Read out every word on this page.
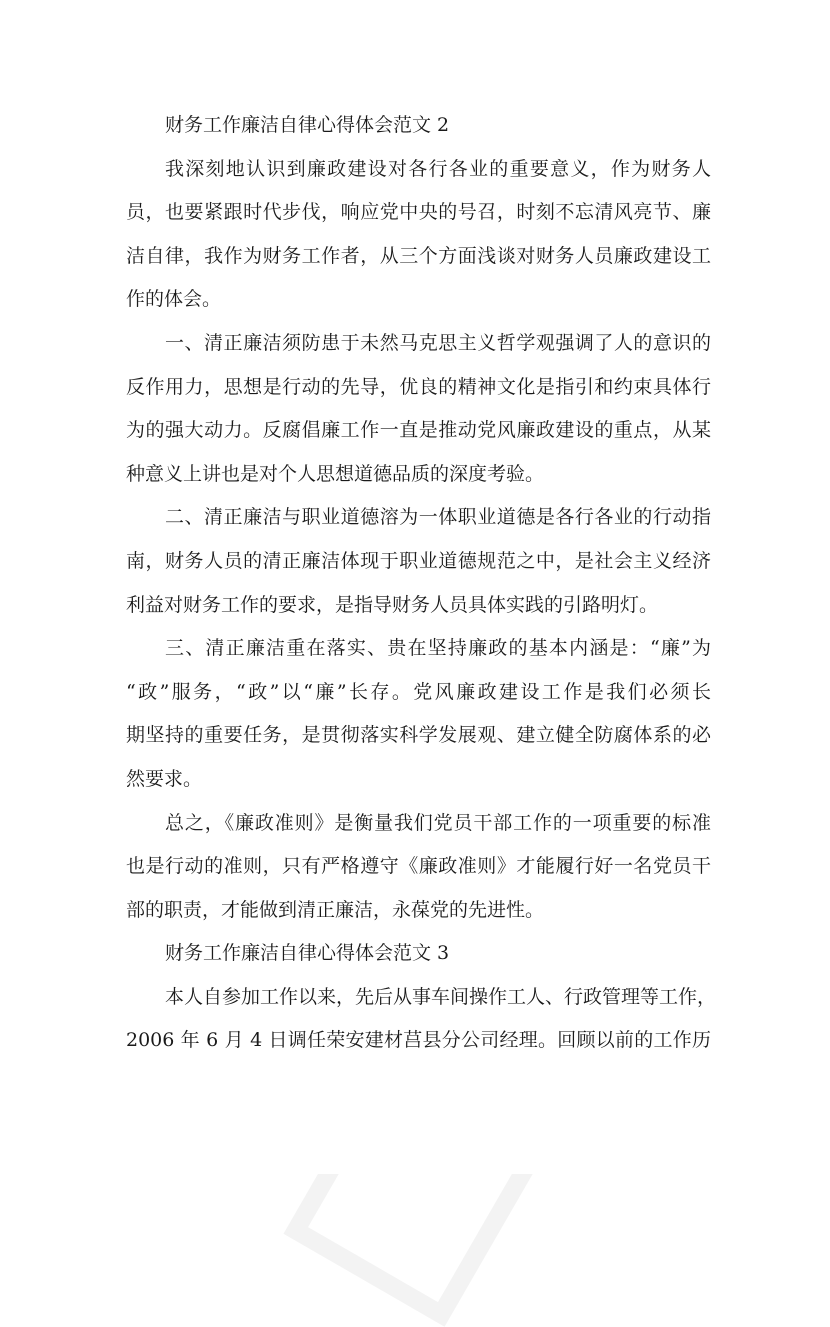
财务工作廉洁自律心得体会范文 2
我深刻地认识到廉政建设对各行各业的重要意义，作为财务人
员，也要紧跟时代步伐，响应党中央的号召，时刻不忘清风亮节、廉
洁自律，我作为财务工作者，从三个方面浅谈对财务人员廉政建设工
作的体会。
一、清正廉洁须防患于未然马克思主义哲学观强调了人的意识的
反作用力，思想是行动的先导，优良的精神文化是指引和约束具体行
为的强大动力。反腐倡廉工作一直是推动党风廉政建设的重点，从某
种意义上讲也是对个人思想道德品质的深度考验。
二、清正廉洁与职业道德溶为一体职业道德是各行各业的行动指
南，财务人员的清正廉洁体现于职业道德规范之中，是社会主义经济
利益对财务工作的要求，是指导财务人员具体实践的引路明灯。
三、清正廉洁重在落实、贵在坚持廉政的基本内涵是：“廉”为
“政”服务，“政”以“廉”长存。党风廉政建设工作是我们必须长
期坚持的重要任务，是贯彻落实科学发展观、建立健全防腐体系的必
然要求。
总之，《廉政准则》是衡量我们党员干部工作的一项重要的标准
也是行动的准则，只有严格遵守《廉政准则》才能履行好一名党员干
部的职责，才能做到清正廉洁，永葆党的先进性。
财务工作廉洁自律心得体会范文 3
本人自参加工作以来，先后从事车间操作工人、行政管理等工作，
2006 年 6 月 4 日调任荣安建材莒县分公司经理。回顾以前的工作历
